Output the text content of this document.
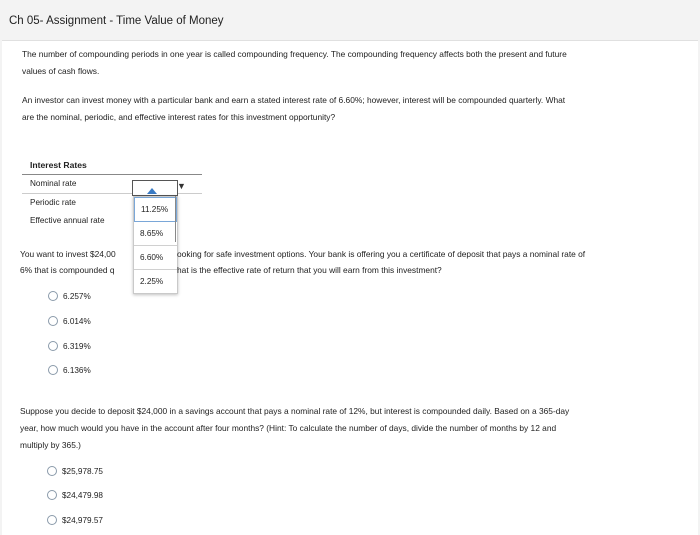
Ch 05- Assignment - Time Value of Money
The number of compounding periods in one year is called compounding frequency. The compounding frequency affects both the present and future
values of cash flows.
An investor can invest money with a particular bank and earn a stated interest rate of 6.60%; however, interest will be compounded quarterly. What
are the nominal, periodic, and effective interest rates for this investment opportunity?
Interest Rates
Nominal rate
Periodic rate
Effective annual rate
▼
11.25%
8.65%
6.60%
2.25%
You want to invest $24,00
6% that is compounded q
ooking for safe investment options. Your bank is offering you a certificate of deposit that pays a nominal rate of
hat is the effective rate of return that you will earn from this investment?
6.257%
6.014%
6.319%
6.136%
Suppose you decide to deposit $24,000 in a savings account that pays a nominal rate of 12%, but interest is compounded daily. Based on a 365-day
year, how much would you have in the account after four months? (Hint: To calculate the number of days, divide the number of months by 12 and
multiply by 365.)
$25,978.75
$24,479.98
$24,979.57
